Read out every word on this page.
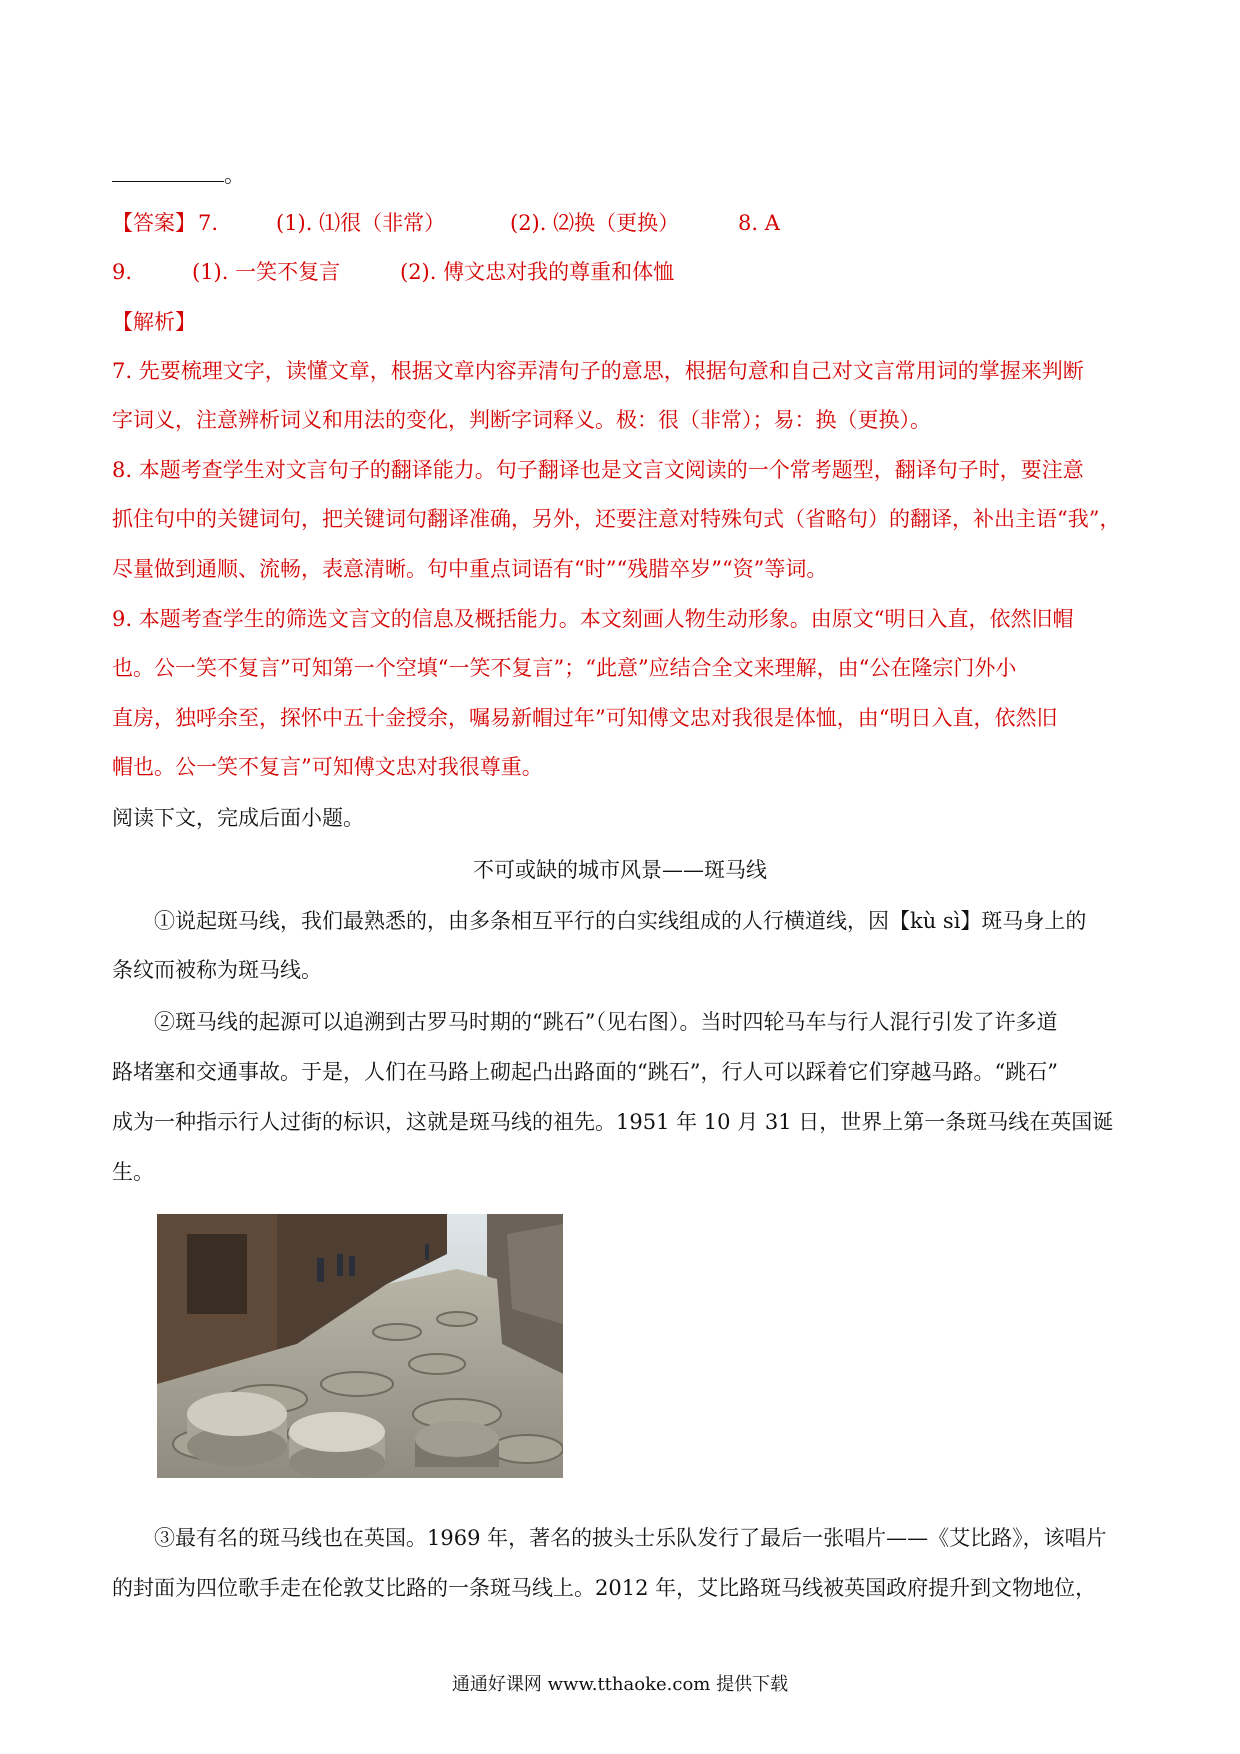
。
【答案】 7.	(1). ⑴很（非常）	(2). ⑵换（更换）	8. A
9.	(1). 一笑不复言	(2). 傅文忠对我的尊重和体恤
【解析】
7. 先要梳理文字，读懂文章，根据文章内容弄清句子的意思，根据句意和自己对文言常用词的掌握来判断
字词义，注意辨析词义和用法的变化，判断字词释义。极：很（非常）；易：换（更换）。
8. 本题考查学生对文言句子的翻译能力。句子翻译也是文言文阅读的一个常考题型，翻译句子时，要注意
抓住句中的关键词句，把关键词句翻译准确，另外，还要注意对特殊句式（省略句）的翻译，补出主语“我”，
尽量做到通顺、流畅，表意清晰。句中重点词语有“时”“残腊卒岁”“资”等词。
9. 本题考查学生的筛选文言文的信息及概括能力。本文刻画人物生动形象。由原文“明日入直，依然旧帽
也。公一笑不复言”可知第一个空填“一笑不复言”；“此意”应结合全文来理解，由“公在隆宗门外小
直房，独呼余至，探怀中五十金授余，嘱易新帽过年”可知傅文忠对我很是体恤，由“明日入直，依然旧
帽也。公一笑不复言”可知傅文忠对我很尊重。
阅读下文，完成后面小题。
不可或缺的城市风景——斑马线
①说起斑马线，我们最熟悉的，由多条相互平行的白实线组成的人行横道线，因【kù sì】斑马身上的
条纹而被称为斑马线。
②斑马线的起源可以追溯到古罗马时期的“跳石”（见右图）。当时四轮马车与行人混行引发了许多道
路堵塞和交通事故。于是，人们在马路上砌起凸出路面的“跳石”，行人可以踩着它们穿越马路。“跳石”
成为一种指示行人过街的标识，这就是斑马线的祖先。1951 年 10 月 31 日，世界上第一条斑马线在英国诞
生。
③最有名的斑马线也在英国。1969 年，著名的披头士乐队发行了最后一张唱片——《艾比路》，该唱片
的封面为四位歌手走在伦敦艾比路的一条斑马线上。2012 年，艾比路斑马线被英国政府提升到文物地位，
通通好课网 www.tthaoke.com 提供下载
